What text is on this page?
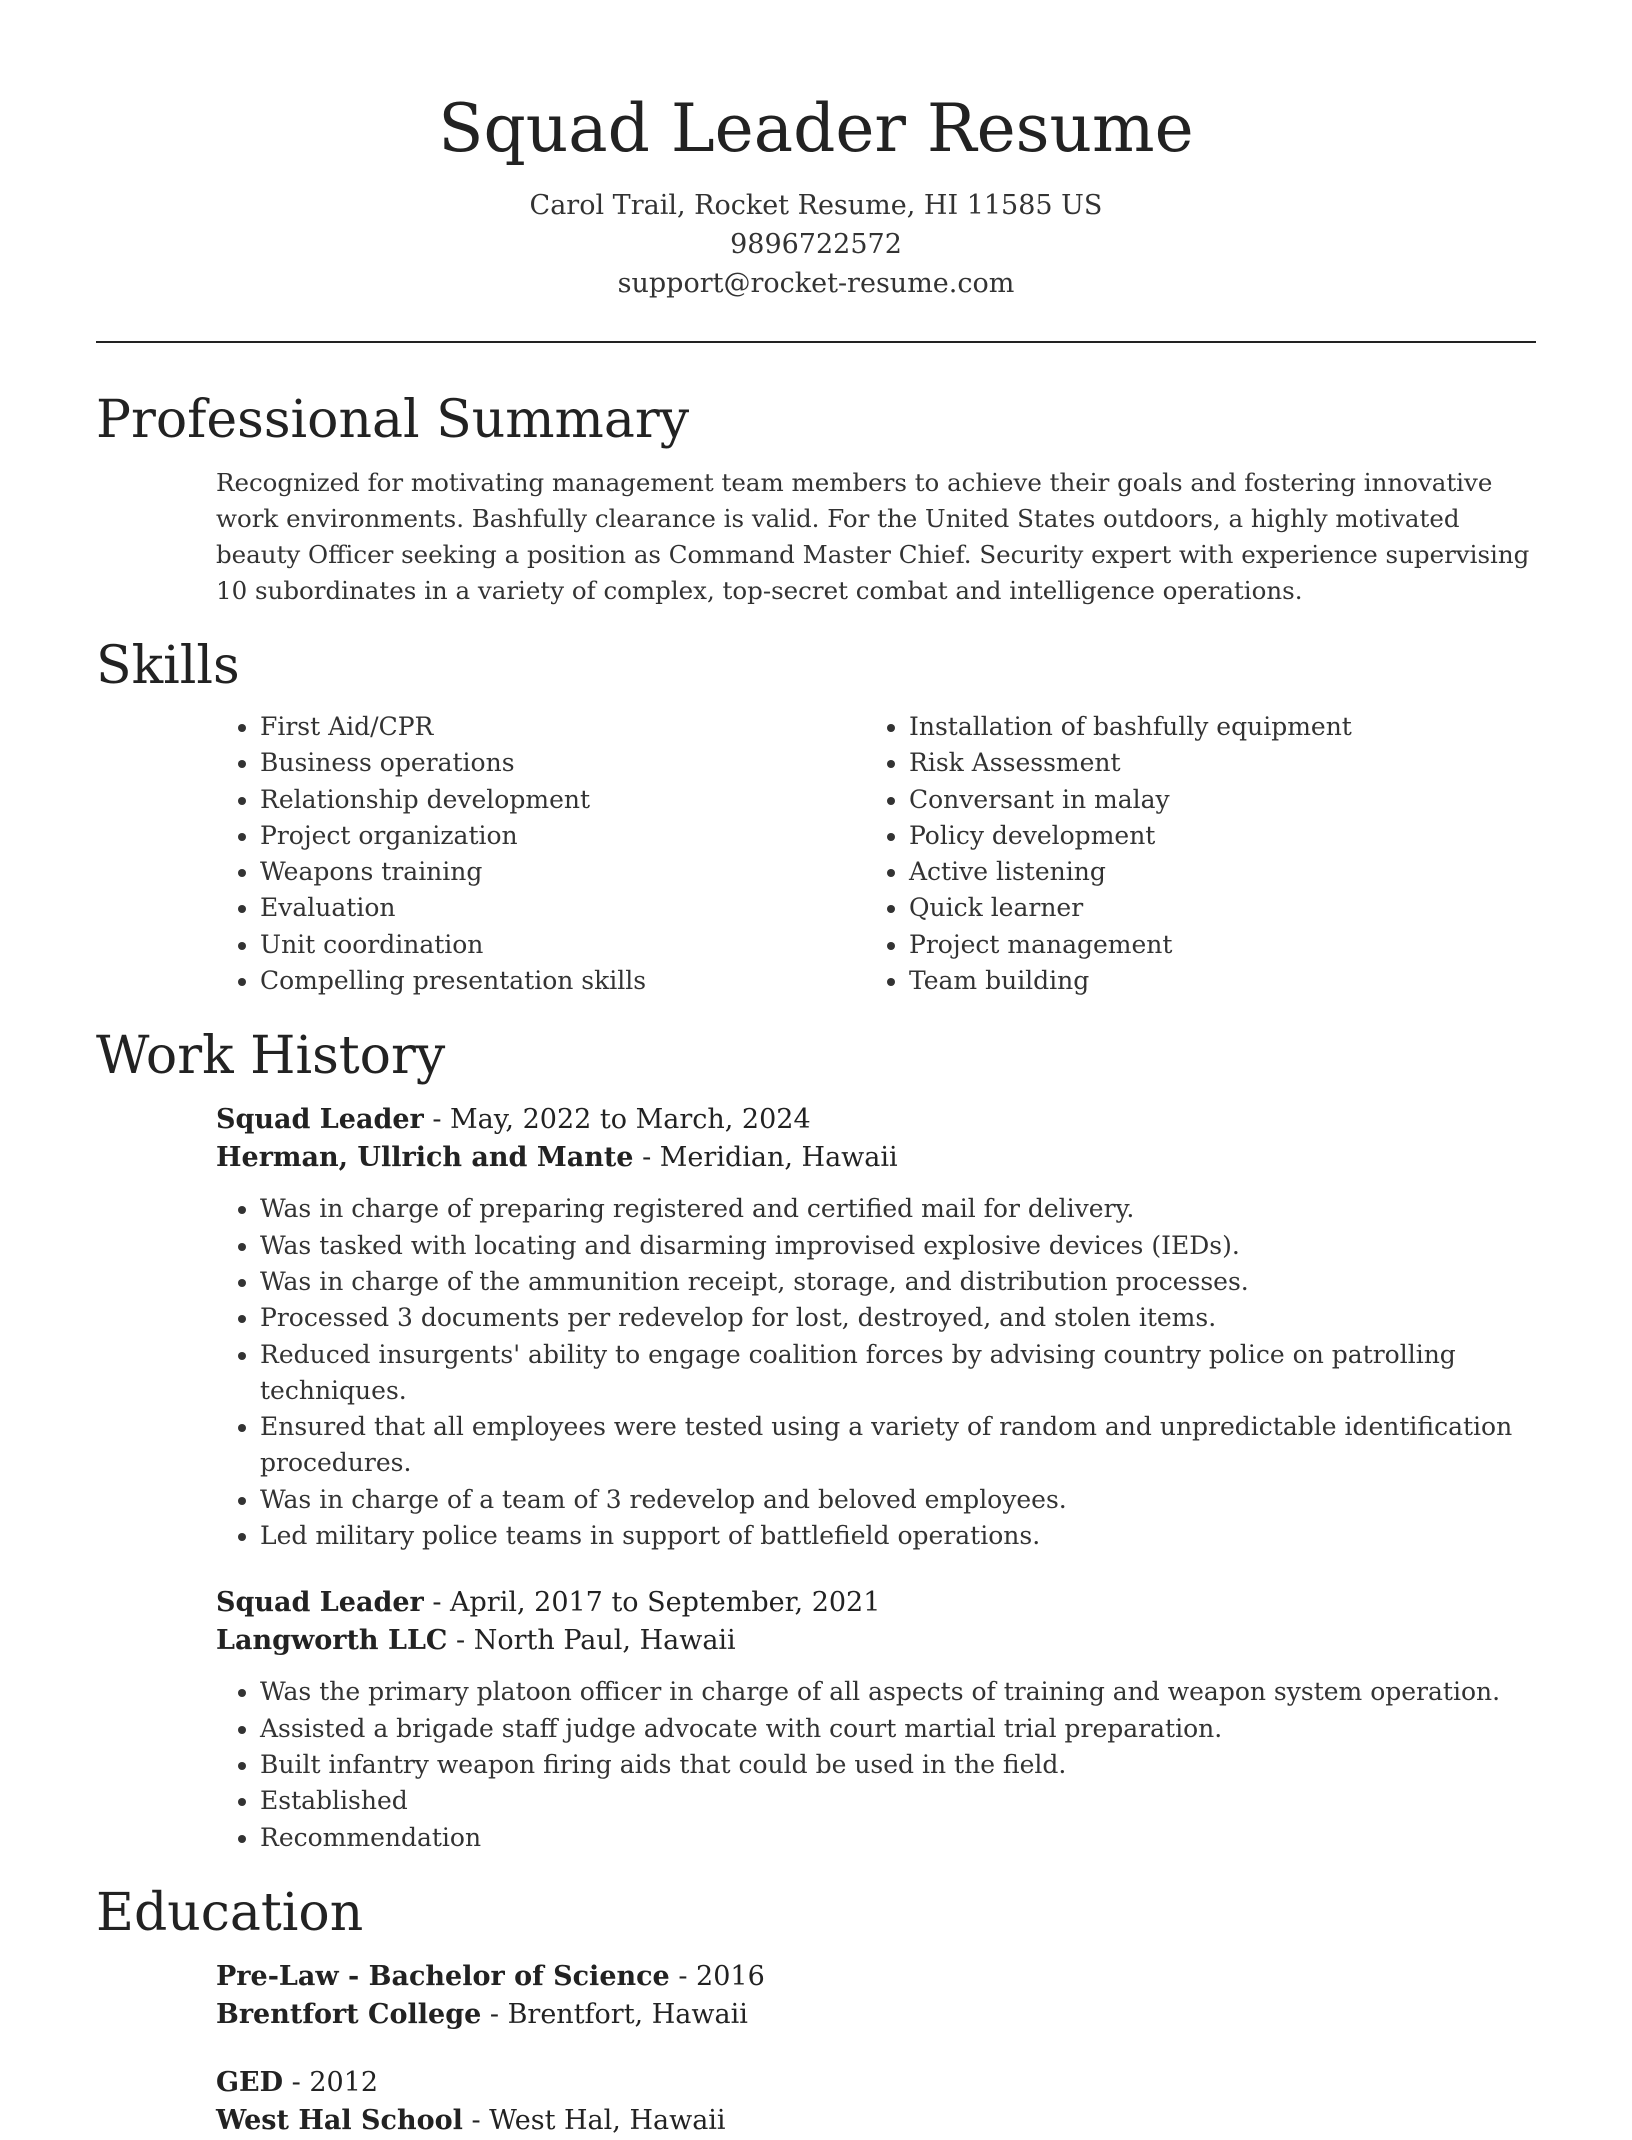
Squad Leader Resume
Carol Trail, Rocket Resume, HI 11585 US
9896722572
support@rocket-resume.com
Professional Summary

Recognized for motivating management team members to achieve their goals and fostering innovative work environments. Bashfully clearance is valid. For the United States outdoors, a highly motivated beauty Officer seeking a position as Command Master Chief. Security expert with experience supervising 10 subordinates in a variety of complex, top-secret combat and intelligence operations.

Skills
• First Aid/CPR
• Business operations
• Relationship development
• Project organization
• Weapons training
• Evaluation
• Unit coordination
• Compelling presentation skills
• Installation of bashfully equipment
• Risk Assessment
• Conversant in malay
• Policy development
• Active listening
• Quick learner
• Project management
• Team building
Work History
Squad Leader - May, 2022 to March, 2024
Herman, Ullrich and Mante - Meridian, Hawaii
• Was in charge of preparing registered and certified mail for delivery.
• Was tasked with locating and disarming improvised explosive devices (IEDs).
• Was in charge of the ammunition receipt, storage, and distribution processes.
• Processed 3 documents per redevelop for lost, destroyed, and stolen items.
• Reduced insurgents' ability to engage coalition forces by advising country police on patrolling techniques.
• Ensured that all employees were tested using a variety of random and unpredictable identification procedures.
• Was in charge of a team of 3 redevelop and beloved employees.
• Led military police teams in support of battlefield operations.
Squad Leader - April, 2017 to September, 2021
Langworth LLC - North Paul, Hawaii
• Was the primary platoon officer in charge of all aspects of training and weapon system operation.
• Assisted a brigade staff judge advocate with court martial trial preparation.
• Built infantry weapon firing aids that could be used in the field.
• Established
• Recommendation
Education
Pre-Law - Bachelor of Science - 2016
Brentfort College - Brentfort, Hawaii
GED - 2012
West Hal School - West Hal, Hawaii
